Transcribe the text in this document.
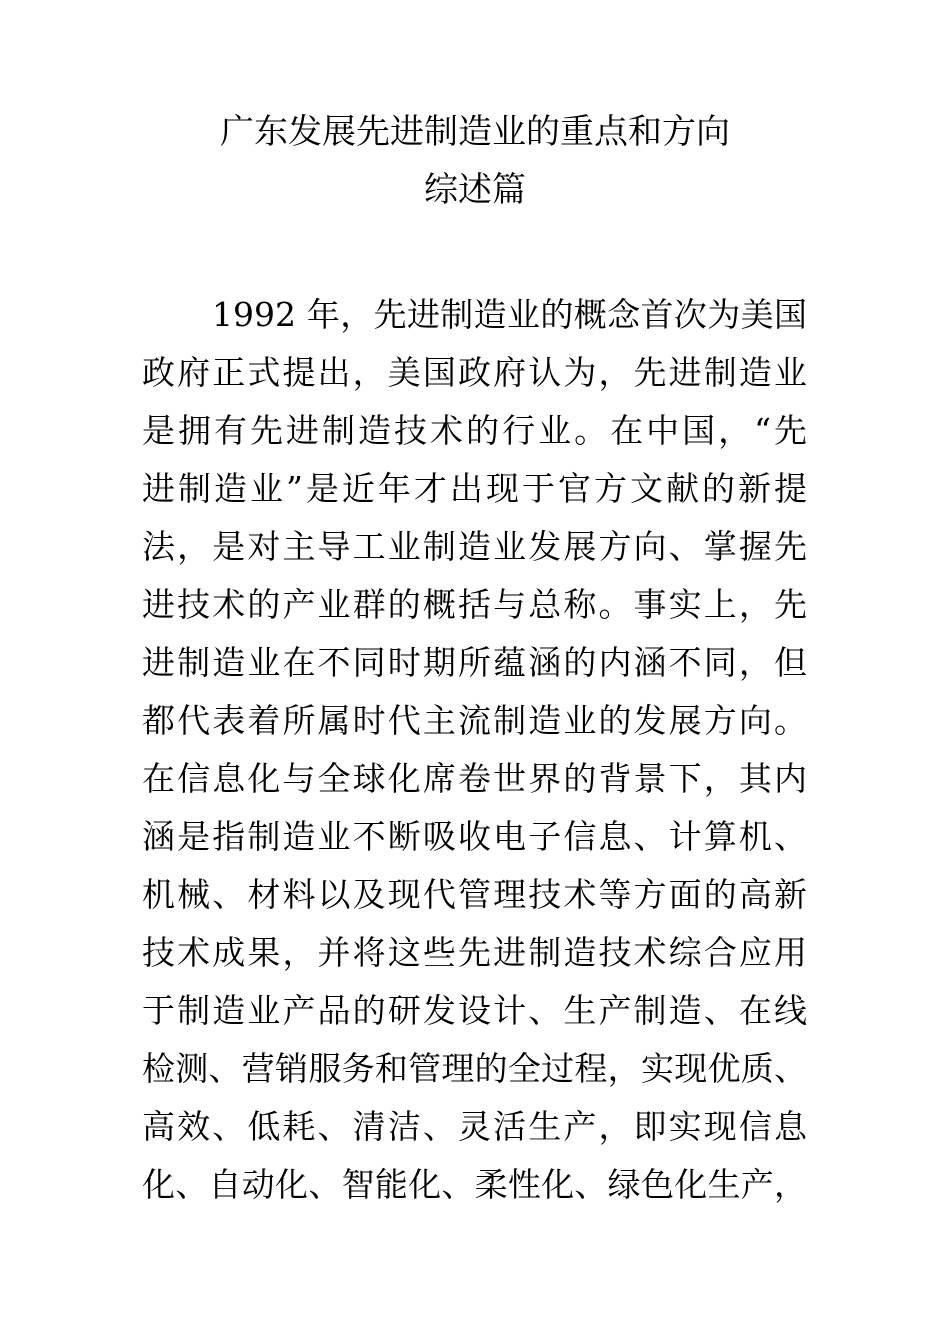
广东发展先进制造业的重点和方向
综述篇
1992 年，先进制造业的概念首次为美国
政府正式提出，美国政府认为，先进制造业
是拥有先进制造技术的行业。在中国，“先
进制造业”是近年才出现于官方文献的新提
法，是对主导工业制造业发展方向、掌握先
进技术的产业群的概括与总称。事实上，先
进制造业在不同时期所蕴涵的内涵不同，但
都代表着所属时代主流制造业的发展方向。
在信息化与全球化席卷世界的背景下，其内
涵是指制造业不断吸收电子信息、计算机、
机械、材料以及现代管理技术等方面的高新
技术成果，并将这些先进制造技术综合应用
于制造业产品的研发设计、生产制造、在线
检测、营销服务和管理的全过程，实现优质、
高效、低耗、清洁、灵活生产，即实现信息
化、自动化、智能化、柔性化、绿色化生产，
